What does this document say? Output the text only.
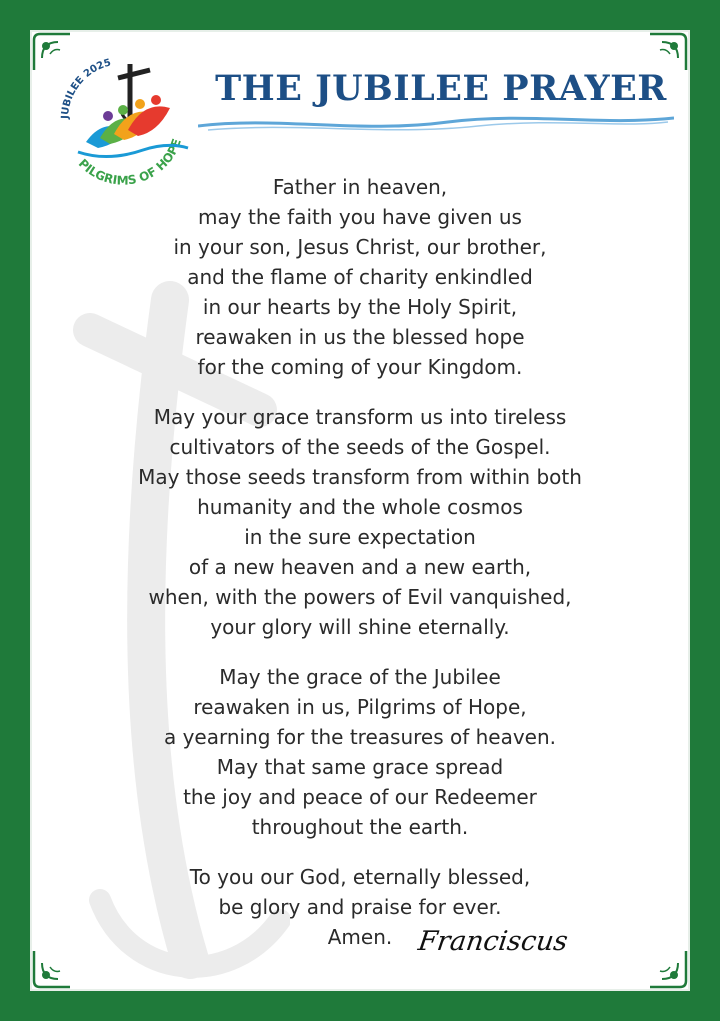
JUBILEE 2025
PILGRIMS OF HOPE
THE JUBILEE PRAYER

Father in heaven,
may the faith you have given us
in your son, Jesus Christ, our brother,
and the flame of charity enkindled
in our hearts by the Holy Spirit,
reawaken in us the blessed hope
for the coming of your Kingdom.

May your grace transform us into tireless
cultivators of the seeds of the Gospel.
May those seeds transform from within both
humanity and the whole cosmos
in the sure expectation
of a new heaven and a new earth,
when, with the powers of Evil vanquished,
your glory will shine eternally.

May the grace of the Jubilee
reawaken in us, Pilgrims of Hope,
a yearning for the treasures of heaven.
May that same grace spread
the joy and peace of our Redeemer
throughout the earth.

To you our God, eternally blessed,
be glory and praise for ever.
Amen. Franciscus
